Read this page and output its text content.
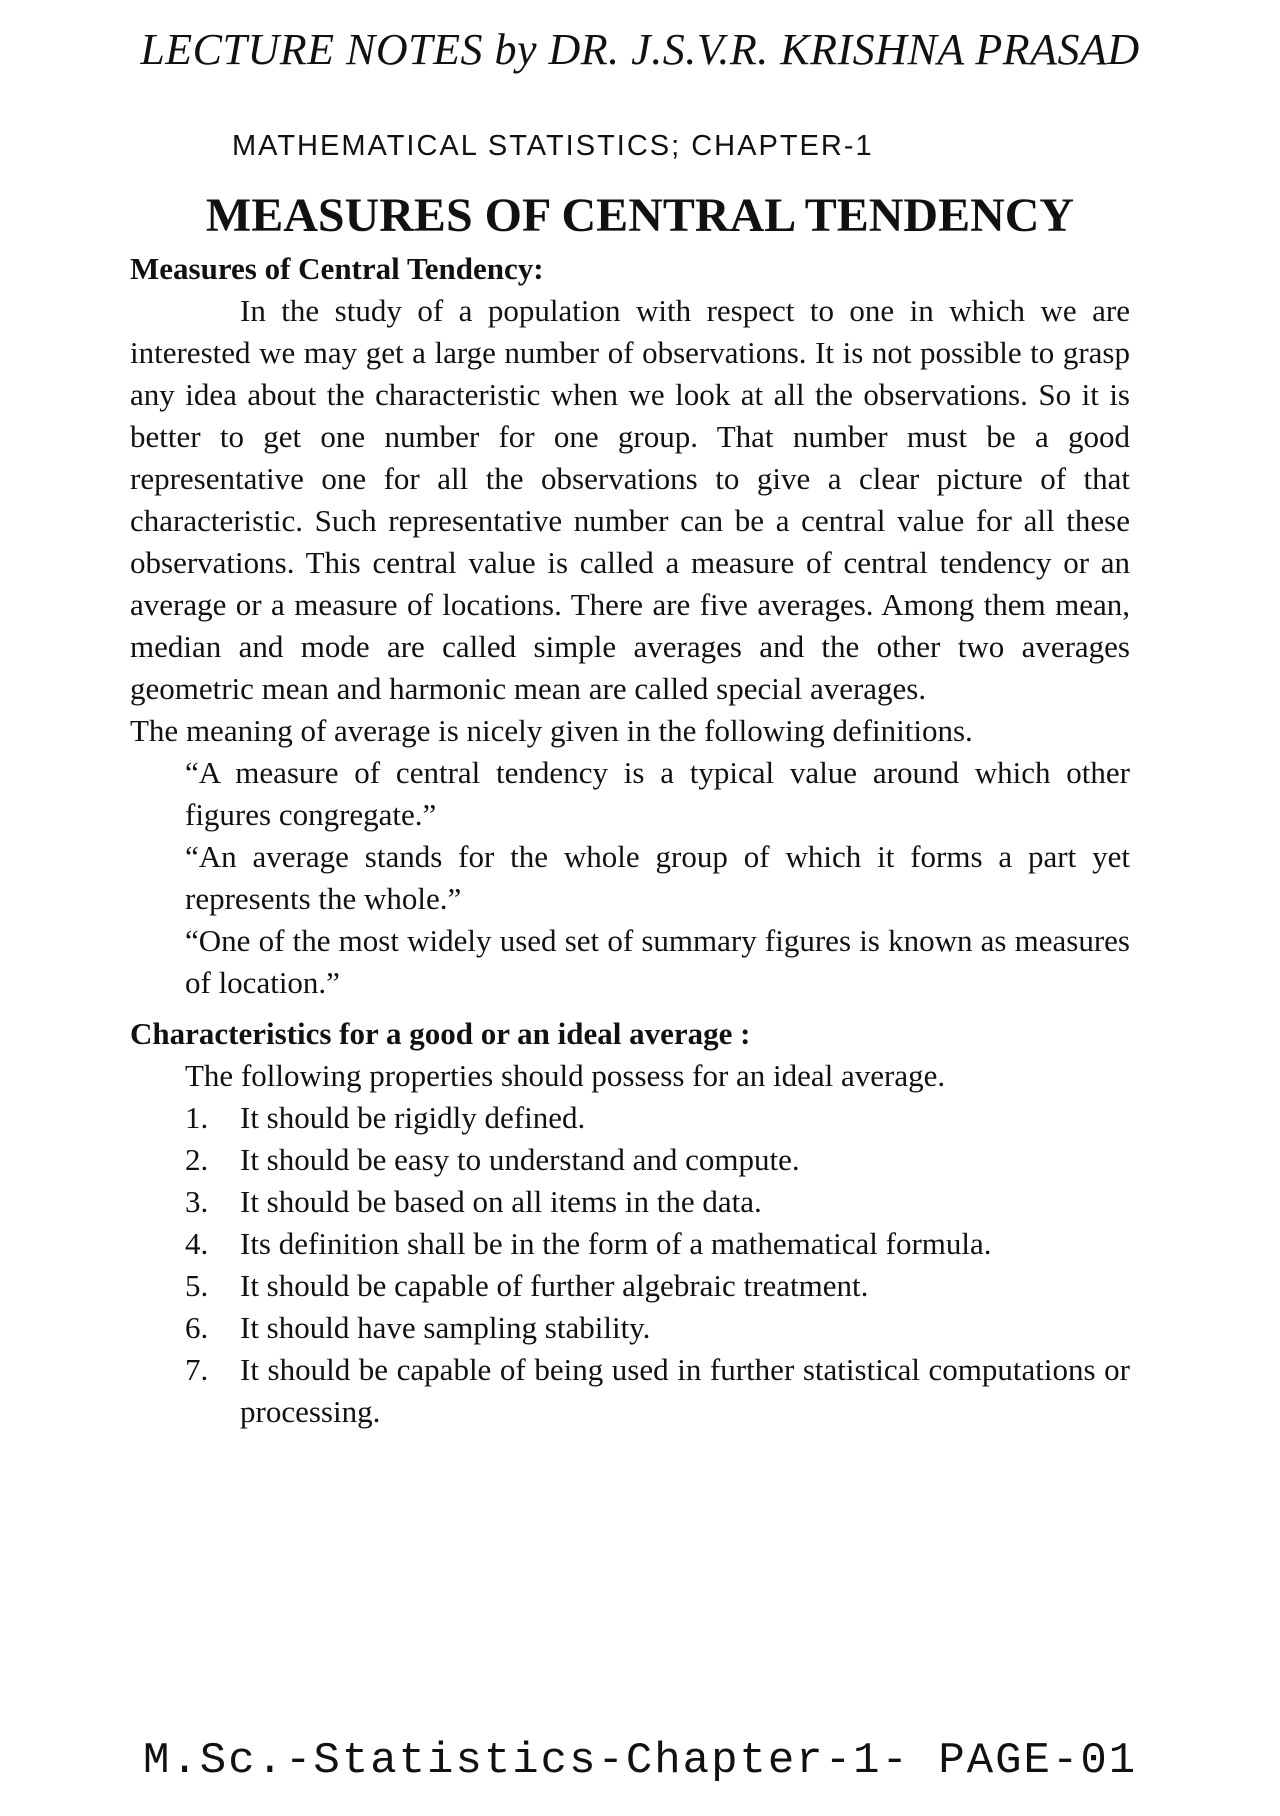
LECTURE NOTES by DR. J.S.V.R. KRISHNA PRASAD
MATHEMATICAL STATISTICS; CHAPTER-1
MEASURES OF CENTRAL TENDENCY

Measures of Central Tendency:

In the study of a population with respect to one in which we are interested we may get a large number of observations. It is not possible to grasp any idea about the characteristic when we look at all the observations. So it is better to get one number for one group. That number must be a good representative one for all the observations to give a clear picture of that characteristic. Such representative number can be a central value for all these observations. This central value is called a measure of central tendency or an average or a measure of locations. There are five averages. Among them mean, median and mode are called simple averages and the other two averages geometric mean and harmonic mean are called special averages.

The meaning of average is nicely given in the following definitions.

“A measure of central tendency is a typical value around which other figures congregate.”

“An average stands for the whole group of which it forms a part yet represents the whole.”

“One of the most widely used set of summary figures is known as measures of location.”

Characteristics for a good or an ideal average :

The following properties should possess for an ideal average.

1.	It should be rigidly defined.
2.	It should be easy to understand and compute.
3.	It should be based on all items in the data.
4.	Its definition shall be in the form of a mathematical formula.
5.	It should be capable of further algebraic treatment.
6.	It should have sampling stability.
7.	It should be capable of being used in further statistical computations or processing.
M.Sc.-Statistics-Chapter-1- PAGE-01
